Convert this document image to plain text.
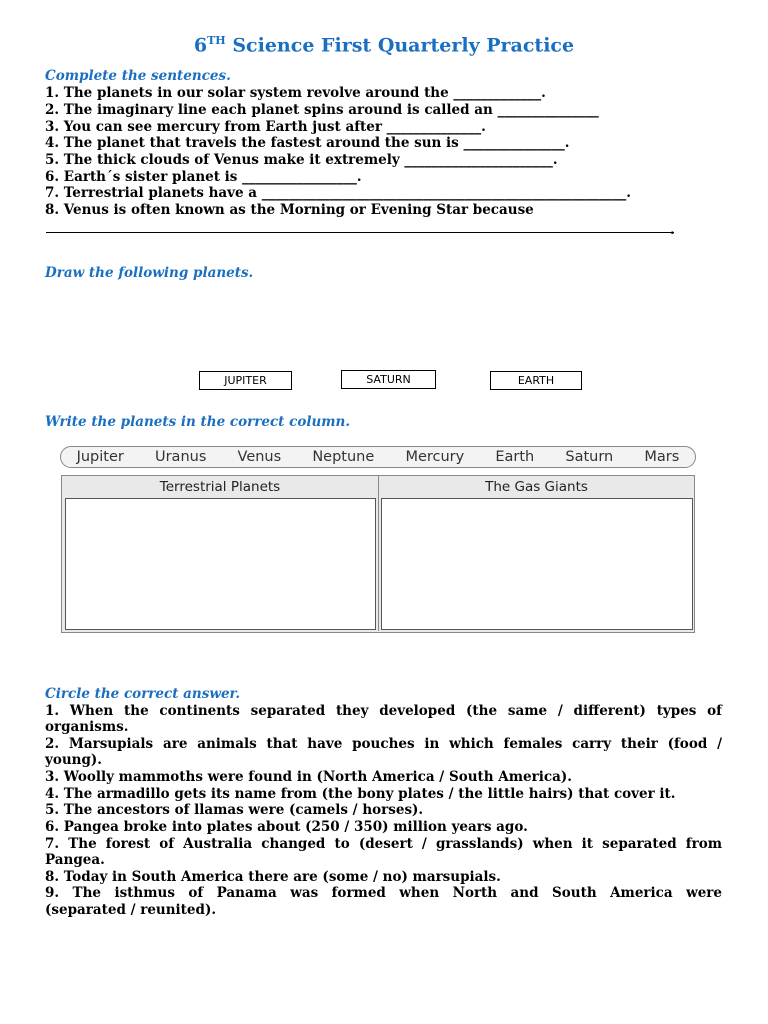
6TH Science First Quarterly Practice
Complete the sentences.
1. The planets in our solar system revolve around the _____________.
2. The imaginary line each planet spins around is called an _______________
3. You can see mercury from Earth just after ______________.
4. The planet that travels the fastest around the sun is _______________.
5. The thick clouds of Venus make it extremely ______________________.
6. Earth´s sister planet is _________________.
7. Terrestrial planets have a ______________________________________________________.
8. Venus is often known as the Morning or Evening Star because
.
Draw the following planets.
JUPITER	SATURN	EARTH
Write the planets in the correct column.
Jupiter Uranus Venus Neptune Mercury Earth Saturn Mars
Terrestrial Planets	The Gas Giants
Circle the correct answer.
1. When the continents separated they developed (the same / different) types of
organisms.
2. Marsupials are animals that have pouches in which females carry their (food /
young).
3. Woolly mammoths were found in (North America / South America).
4. The armadillo gets its name from (the bony plates / the little hairs) that cover it.
5. The ancestors of llamas were (camels / horses).
6. Pangea broke into plates about (250 / 350) million years ago.
7. The forest of Australia changed to (desert / grasslands) when it separated from
Pangea.
8. Today in South America there are (some / no) marsupials.
9. The isthmus of Panama was formed when North and South America were
(separated / reunited).
